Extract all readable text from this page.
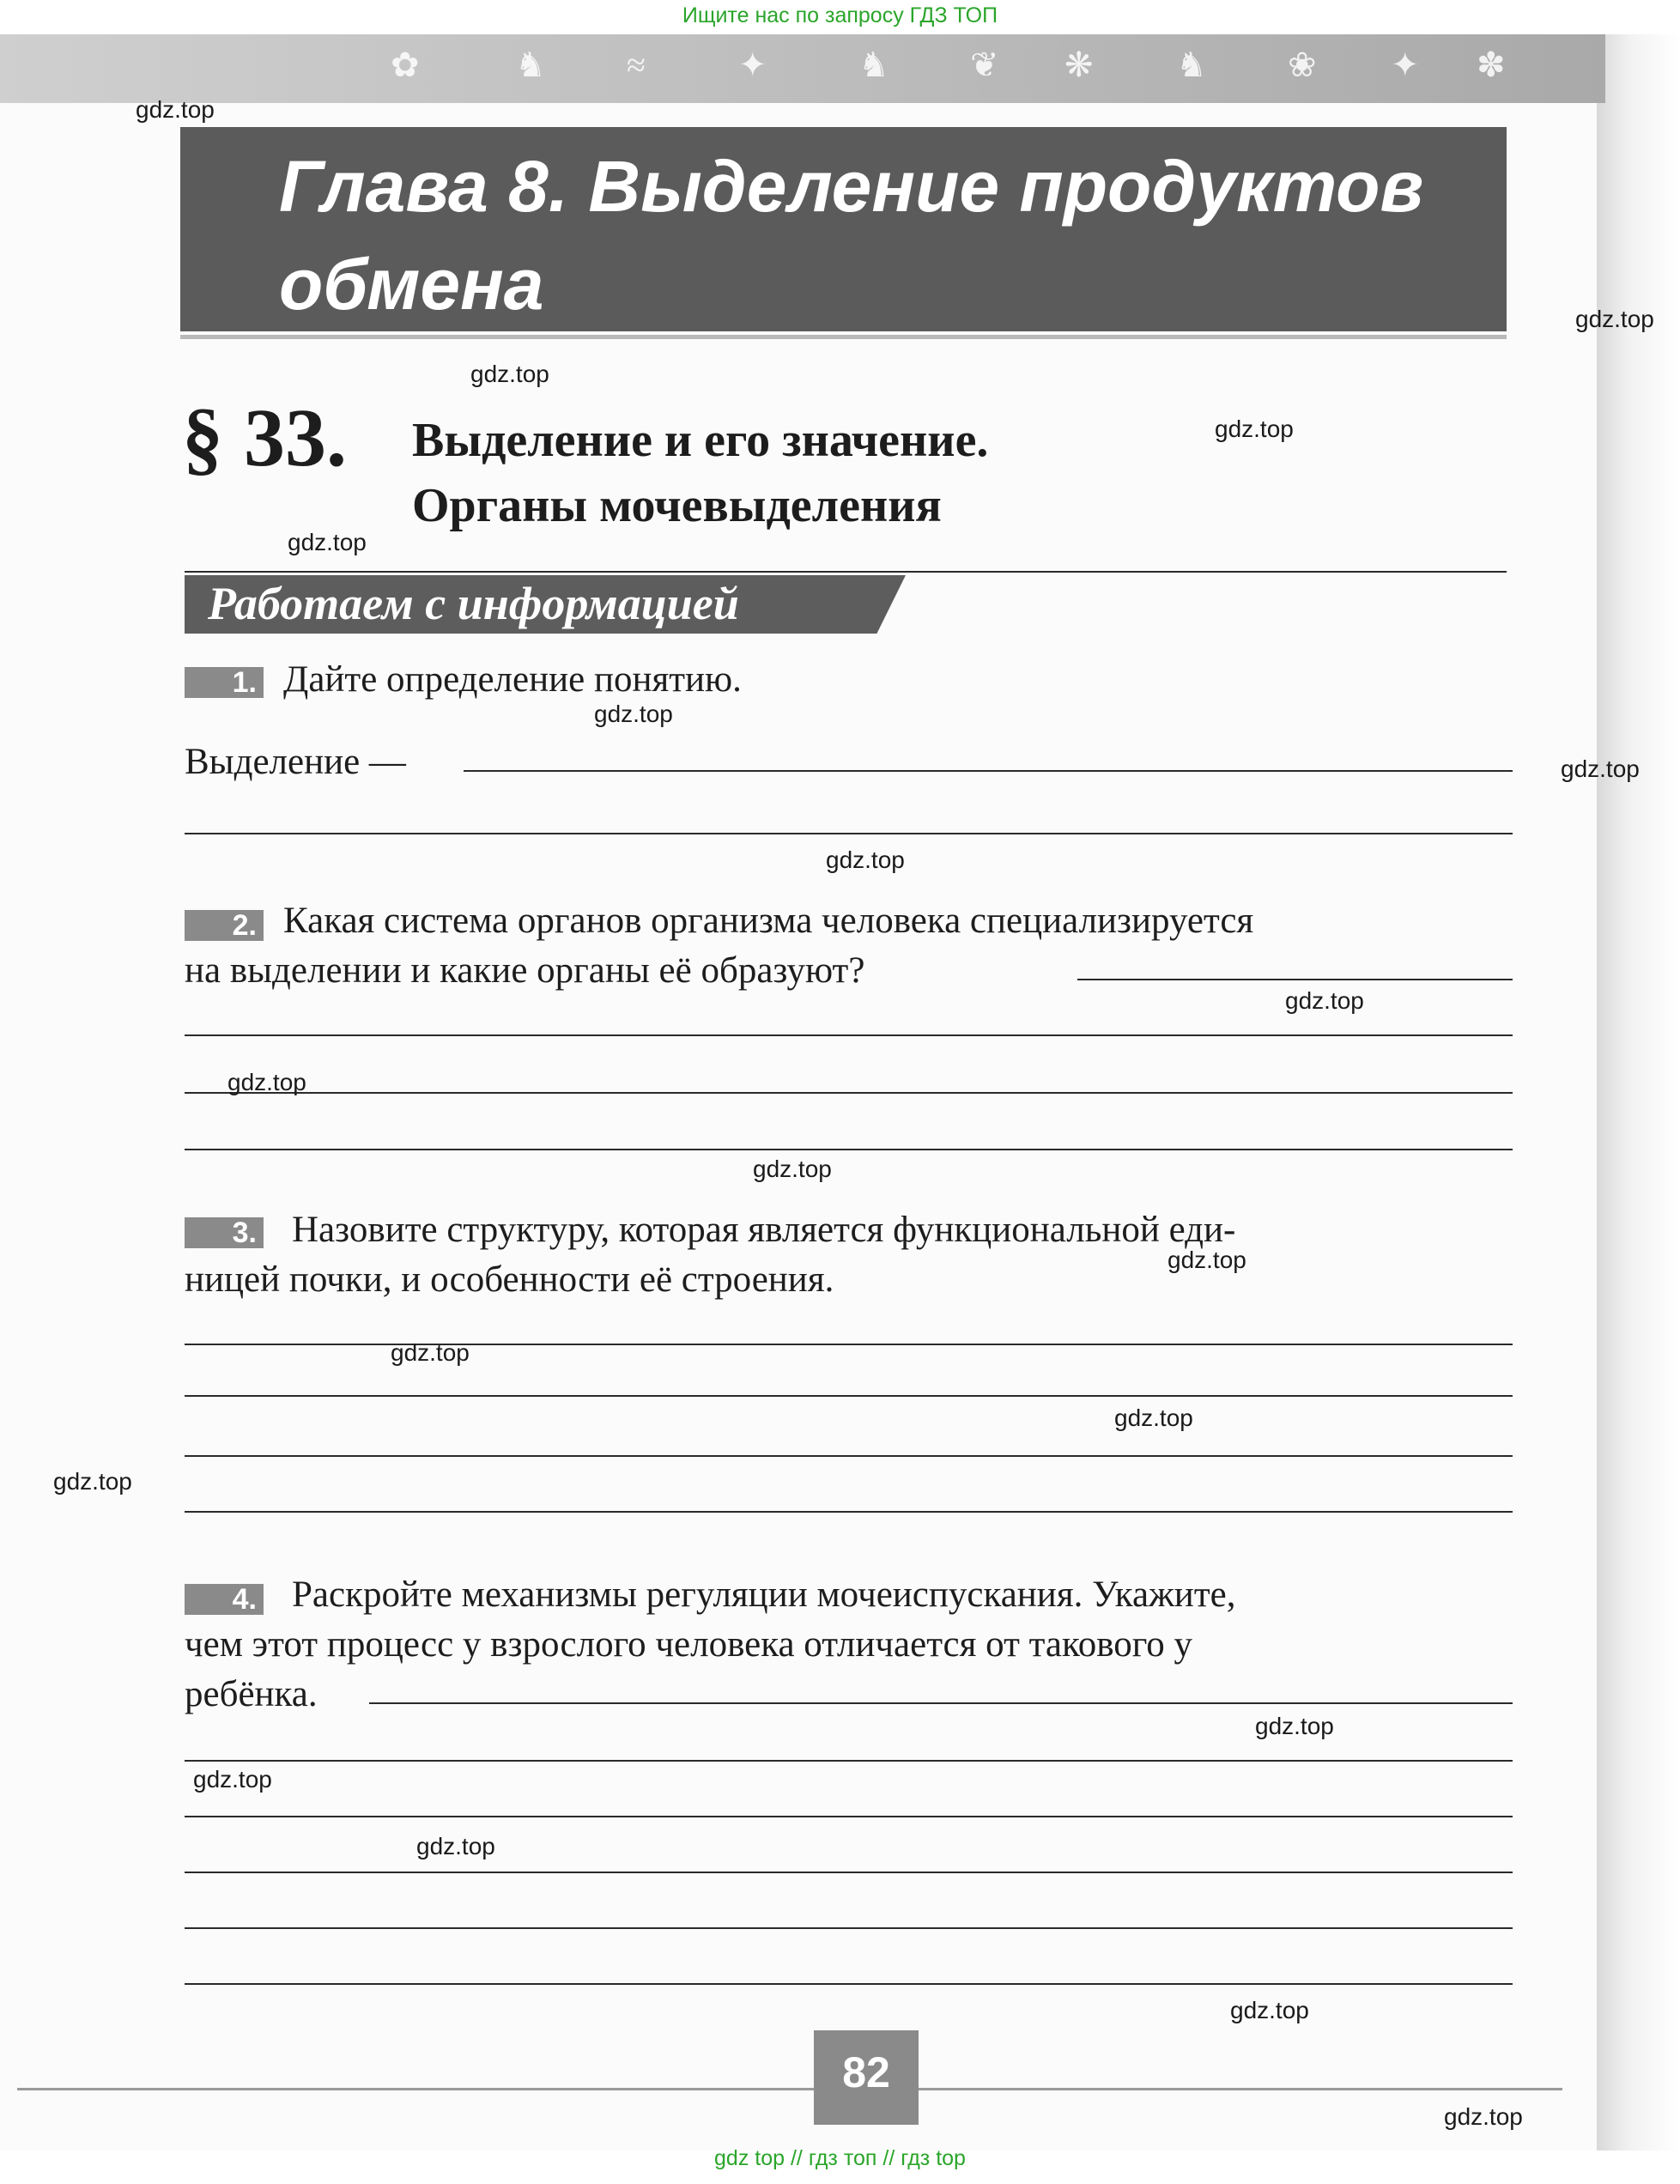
Ищите нас по запросу ГДЗ ТОП
✿	♞ ≈	✦	♞ ❦ ❋ ♞ ❀ ✦ ✽
Глава 8. Выделение продуктов
обмена
§ 33. Выделение и его значение.
Органы мочевыделения
Работаем с информацией
1. Дайте определение понятию.
Выделение —
2. Какая система органов организма человека специализируется
на выделении и какие органы её образуют?
3. Назовите структуру, которая является функциональной еди-
ницей почки, и особенности её строения.
4. Раскройте механизмы регуляции мочеиспускания. Укажите,
чем этот процесс у взрослого человека отличается от такового у
ребёнка.
82
gdz.top
gdz.top
gdz.top
gdz.top
gdz.top
gdz.top
gdz.top
gdz.top
gdz.top
gdz.top
gdz.top
gdz.top
gdz.top
gdz.top
gdz.top
gdz.top
gdz.top
gdz.top
gdz.top
gdz.top
gdz top // гдз топ // гдз top
